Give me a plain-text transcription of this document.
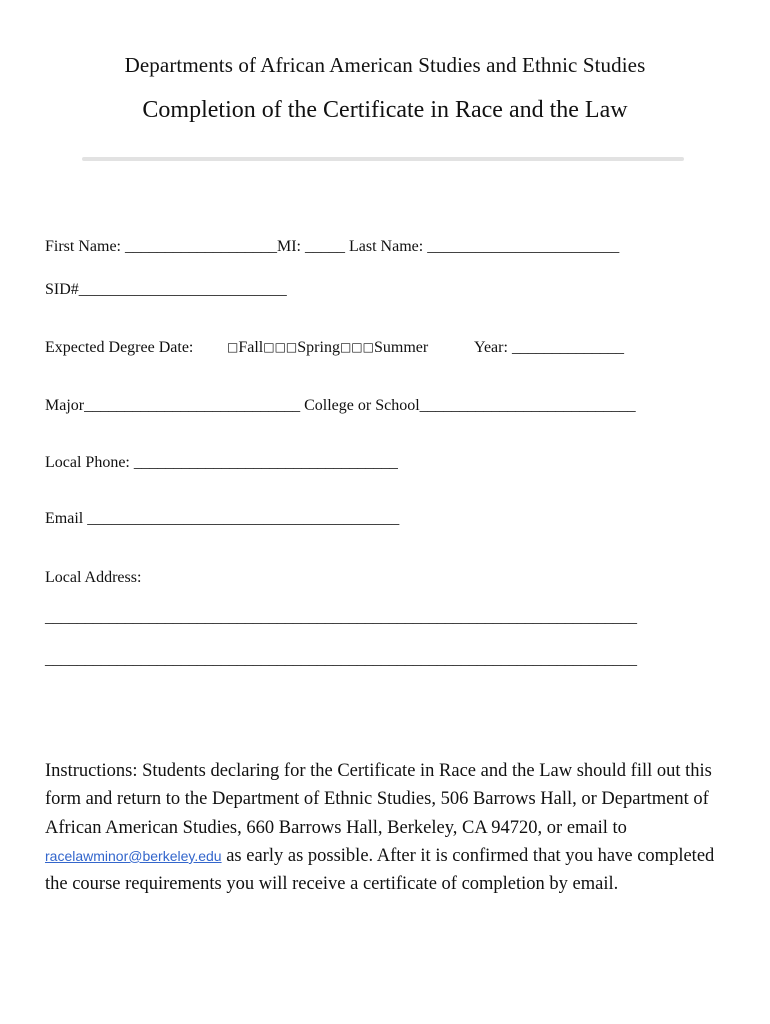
Departments of African American Studies and Ethnic Studies
Completion of the Certificate in Race and the Law
First Name: ___________________MI: _____ Last Name: ________________________
SID#__________________________
Expected Degree Date:	□Fall□□□Spring□□□Summer	Year: ______________
Major___________________________ College or School___________________________
Local Phone: _________________________________
Email _______________________________________
Local Address:
__________________________________________________________________________
__________________________________________________________________________
Instructions: Students declaring for the Certificate in Race and the Law should fill out this form and return to the Department of Ethnic Studies, 506 Barrows Hall, or Department of African American Studies, 660 Barrows Hall, Berkeley, CA 94720, or email to racelawminor@berkeley.edu as early as possible. After it is confirmed that you have completed the course requirements you will receive a certificate of completion by email.
